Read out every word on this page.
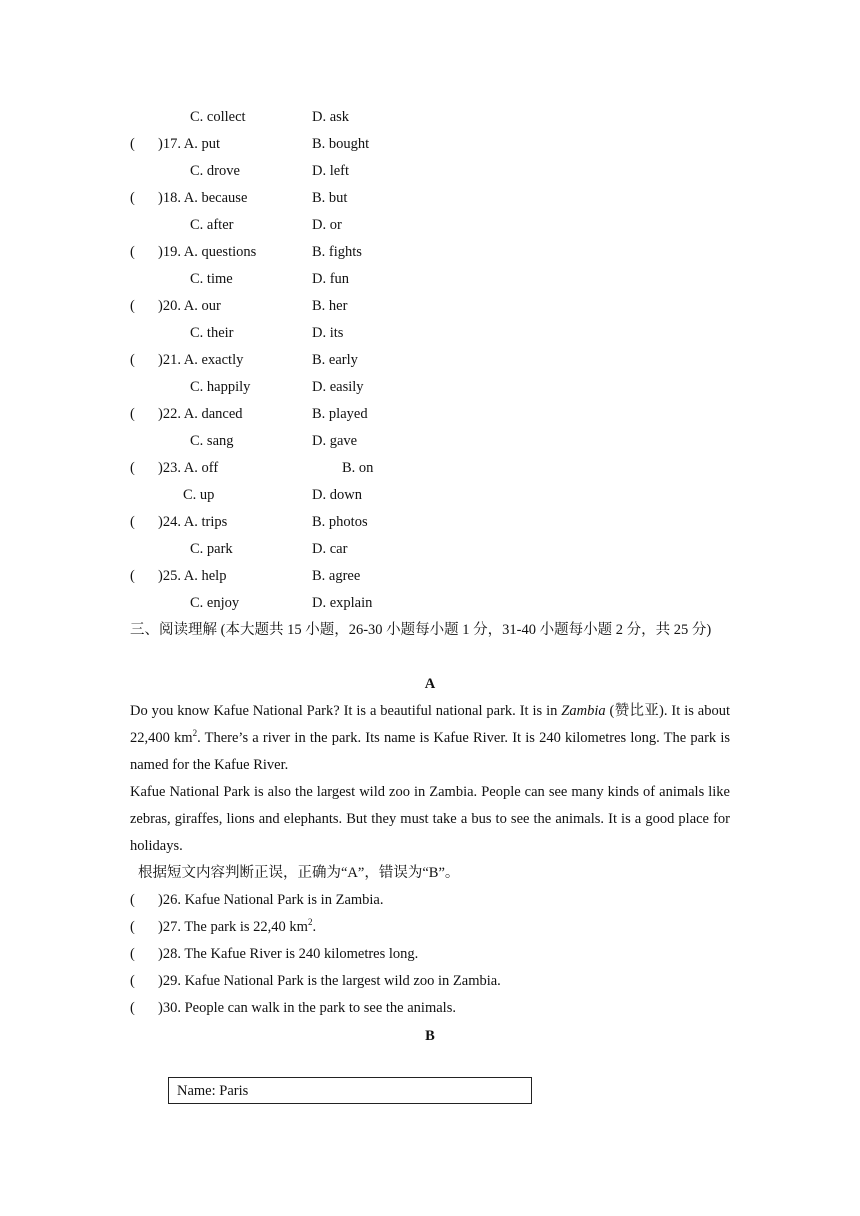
C. collect	D. ask
( )17. A. put	B. bought
C. drove	D. left
( )18. A. because	B. but
C. after	D. or
( )19. A. questions	B. fights
C. time	D. fun
( )20. A. our	B. her
C. their	D. its
( )21. A. exactly	B. early
C. happily	D. easily
( )22. A. danced	B. played
C. sang	D. gave
( )23. A. off	B. on
C. up	D. down
( )24. A. trips	B. photos
C. park	D. car
( )25. A. help	B. agree
C. enjoy	D. explain
三、阅读理解 (本大题共 15 小题，26-30 小题每小题 1 分，31-40 小题每小题 2 分，共 25 分)
A

Do you know Kafue National Park? It is a beautiful national park. It is in Zambia (赞比亚). It is about 22,400 $km^2$. There’s a river in the park. Its name is Kafue River. It is 240 kilometres long. The park is named for the Kafue River.

Kafue National Park is also the largest wild zoo in Zambia. People can see many kinds of animals like zebras, giraffes, lions and elephants. But they must take a bus to see the animals. It is a good place for holidays.

根据短文内容判断正误，正确为“A”，错误为“B”。
( )26. Kafue National Park is in Zambia.
( )27. The park is 22,40 $km^2$.
( )28. The Kafue River is 240 kilometres long.
( )29. Kafue National Park is the largest wild zoo in Zambia.
( )30. People can walk in the park to see the animals.
B
Name: Paris
